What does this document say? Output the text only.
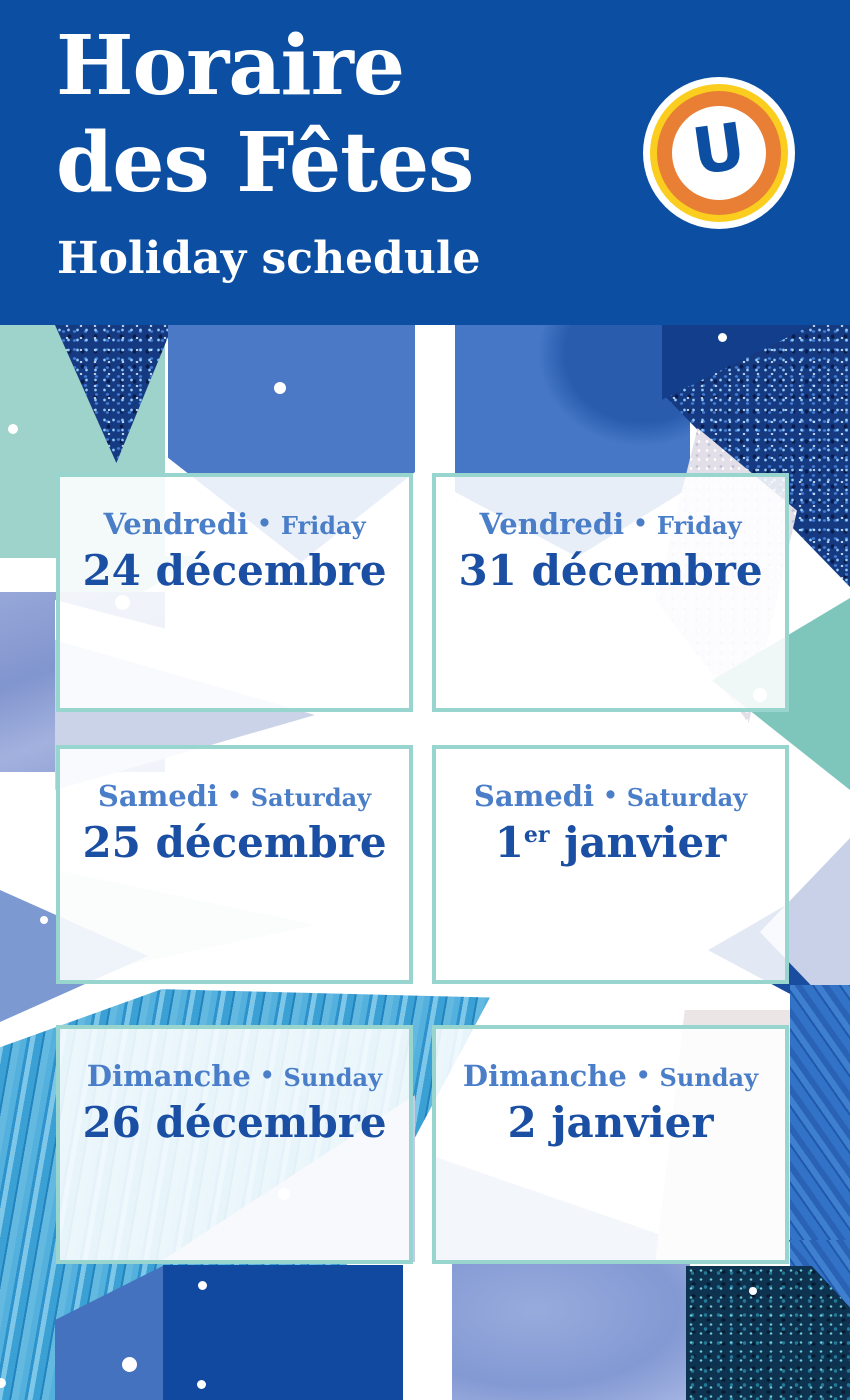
Horaire
des Fêtes
Holiday schedule
U
Vendredi • Friday
24 décembre
Vendredi • Friday
31 décembre
Samedi • Saturday
25 décembre
Samedi • Saturday
1er janvier
Dimanche • Sunday
26 décembre
Dimanche • Sunday
2 janvier
